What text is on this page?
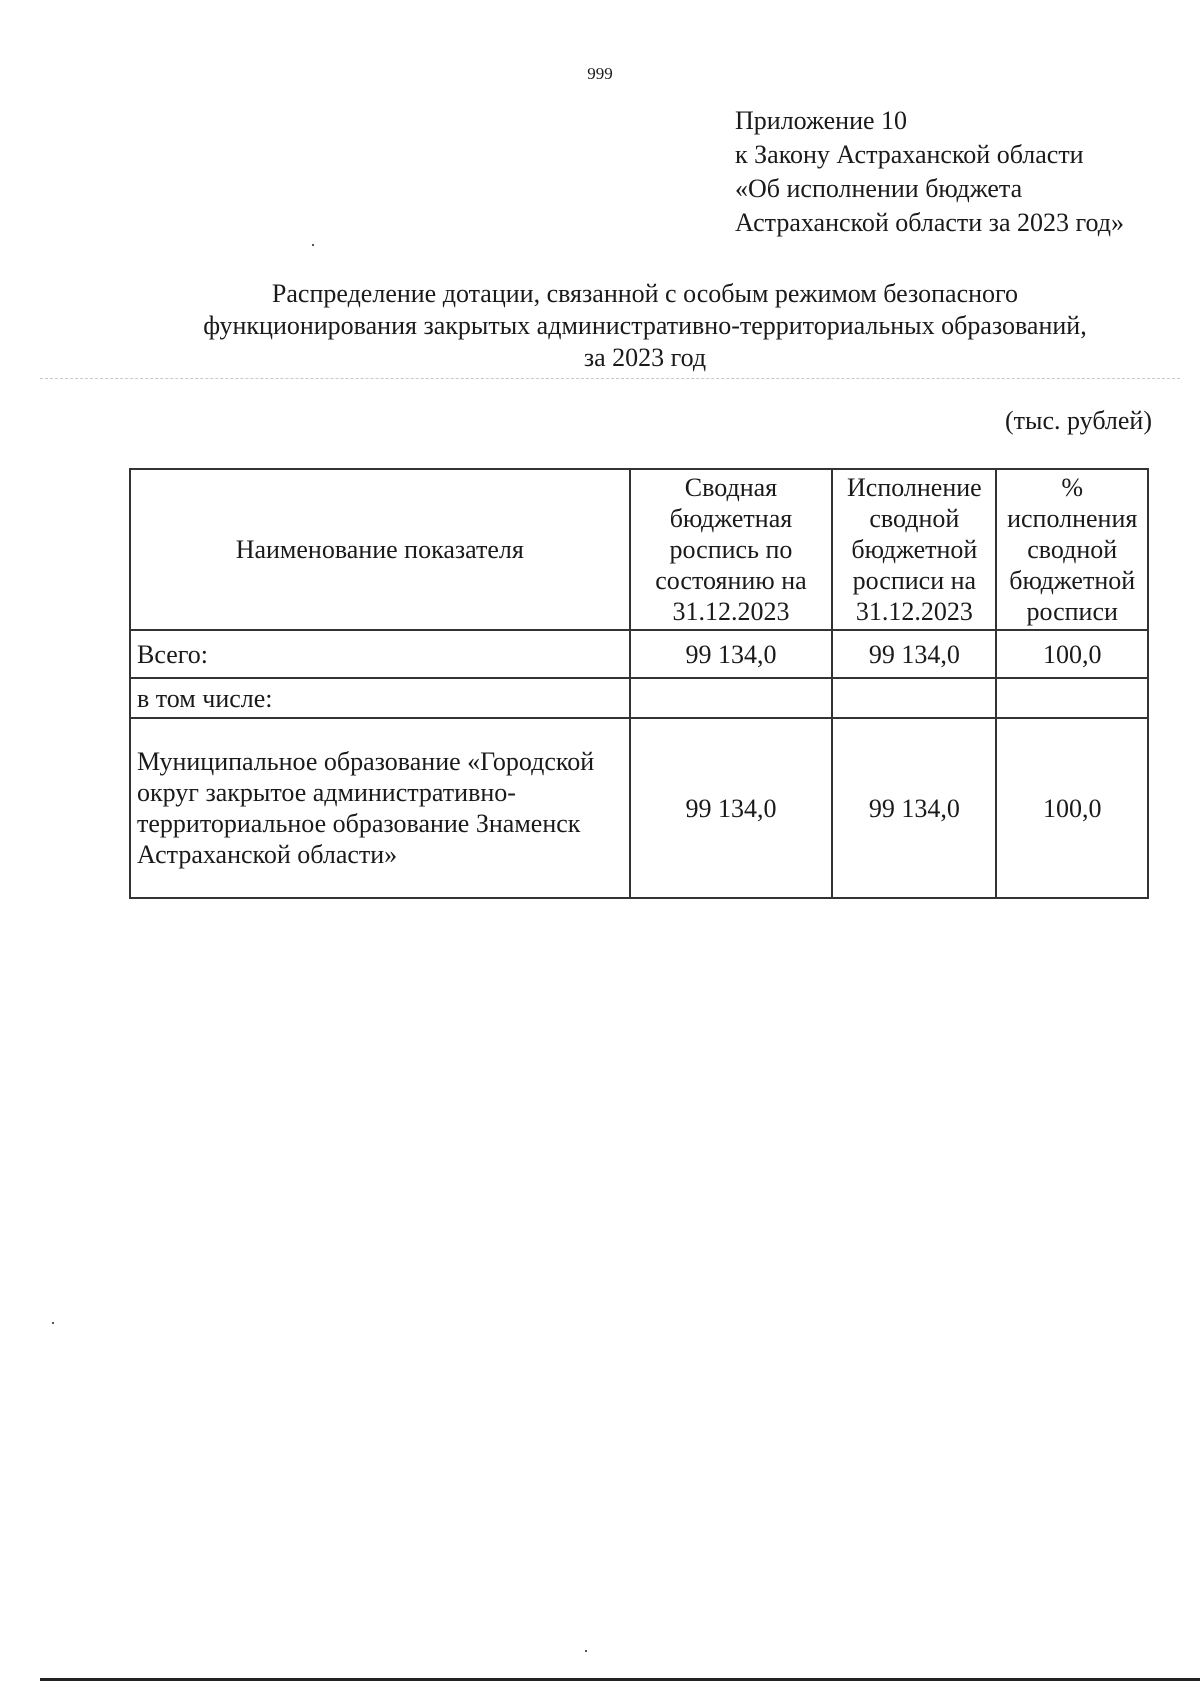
999
Приложение 10
к Закону Астраханской области
«Об исполнении бюджета
Астраханской области за 2023 год»
Распределение дотации, связанной с особым режимом безопасного
функционирования закрытых административно-территориальных образований,
за 2023 год
(тыс. рублей)
Наименование показателя	Сводная бюджетная роспись по состоянию на 31.12.2023	Исполнение сводной бюджетной росписи на 31.12.2023	% исполнения сводной бюджетной росписи
Всего:	99 134,0	99 134,0	100,0
в том числе:			
Муниципальное образование «Городской округ закрытое административно-территориальное образование Знаменск Астраханской области»	99 134,0	99 134,0	100,0
